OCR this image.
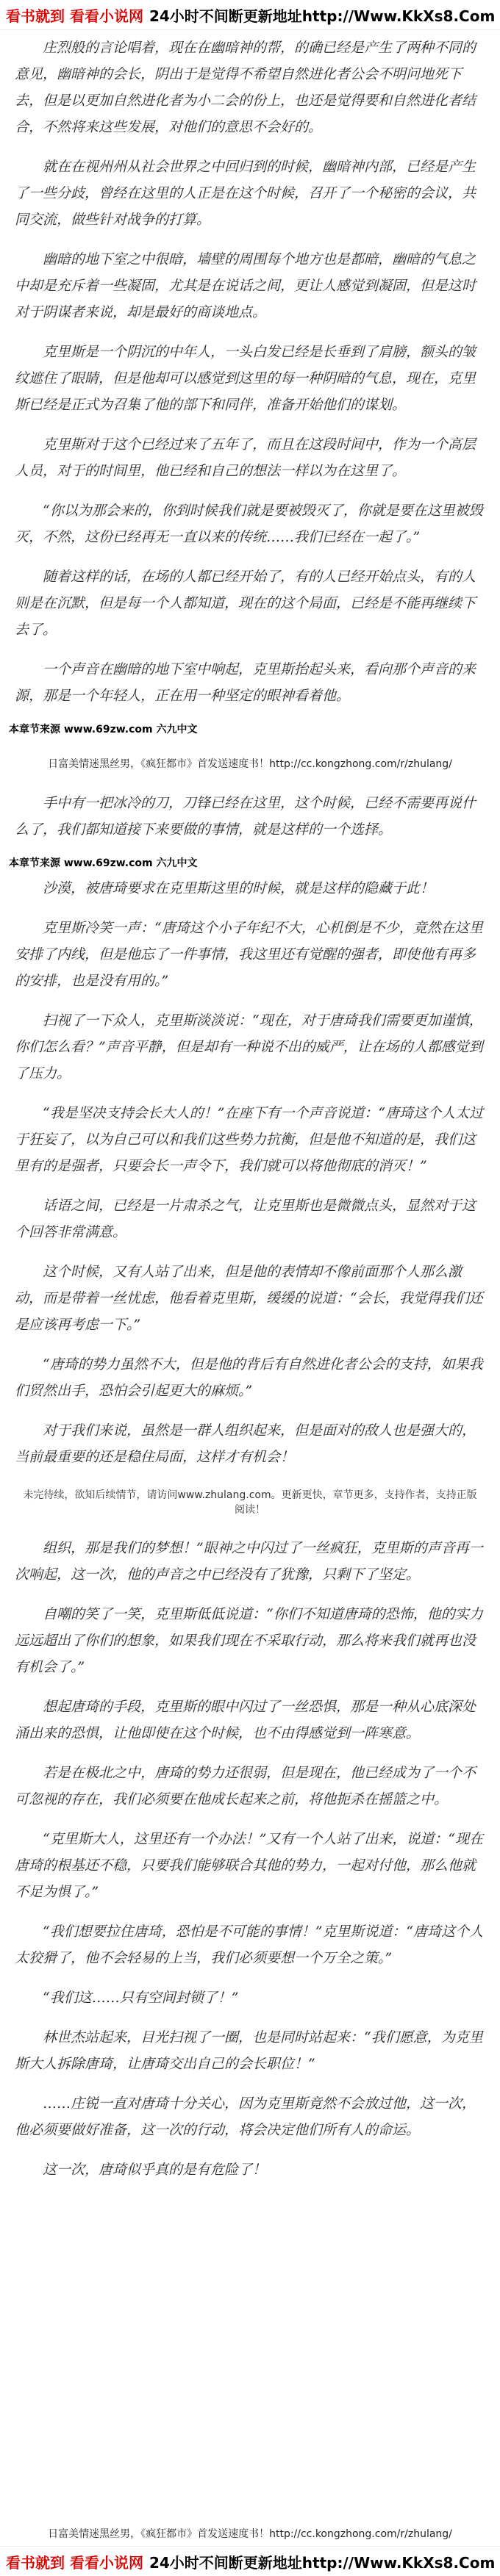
看书就到 看看小说网 24小时不间断更新地址http://Www.KkXs8.Com

庄烈般的言论唱着，现在在幽暗神的帮，的确已经是产生了两种不同的意见，幽暗神的会长，阴出于是觉得不希望自然进化者公会不明问地死下去，但是以更加自然进化者为小二会的份上，也还是觉得要和自然进化者结合，不然将来这些发展，对他们的意思不会好的。

就在在视州州从社会世界之中回归到的时候，幽暗神内部，已经是产生了一些分歧，曾经在这里的人正是在这个时候，召开了一个秘密的会议，共同交流，做些针对战争的打算。

幽暗的地下室之中很暗，墙壁的周围每个地方也是都暗，幽暗的气息之中却是充斥着一些凝固，尤其是在说话之间，更让人感觉到凝固，但是这时对于阴谋者来说，却是最好的商谈地点。

克里斯是一个阴沉的中年人，一头白发已经是长垂到了肩膀，额头的皱纹遮住了眼睛，但是他却可以感觉到这里的每一种阴暗的气息，现在，克里斯已经是正式为召集了他的部下和同伴，准备开始他们的谋划。

克里斯对于这个已经过来了五年了，而且在这段时间中，作为一个高层人员，对于的时间里，他已经和自己的想法一样以为在这里了。

“你以为那会来的，你到时候我们就是要被毁灭了，你就是要在这里被毁灭，不然，这份已经再无一直以来的传统……我们已经在一起了。”

随着这样的话，在场的人都已经开始了，有的人已经开始点头，有的人则是在沉默，但是每一个人都知道，现在的这个局面，已经是不能再继续下去了。

一个声音在幽暗的地下室中响起，克里斯抬起头来，看向那个声音的来源，那是一个年轻人，正在用一种坚定的眼神看着他。

本章节来源 www.69zw.com 六九中文
日富美情迷黑丝男，《疯狂都市》首发送速度书！http://cc.kongzhong.com/r/zhulang/

手中有一把冰冷的刀，刀锋已经在这里，这个时候，已经不需要再说什么了，我们都知道接下来要做的事情，就是这样的一个选择。

本章节来源 www.69zw.com 六九中文

沙漠，被唐琦要求在克里斯这里的时候，就是这样的隐藏于此！

克里斯冷笑一声：“唐琦这个小子年纪不大，心机倒是不少，竟然在这里安排了内线，但是他忘了一件事情，我这里还有觉醒的强者，即使他有再多的安排，也是没有用的。”

扫视了一下众人，克里斯淡淡说：“现在，对于唐琦我们需要更加谨慎，你们怎么看？”声音平静，但是却有一种说不出的威严，让在场的人都感觉到了压力。

“我是坚决支持会长大人的！”在座下有一个声音说道：“唐琦这个人太过于狂妄了，以为自己可以和我们这些势力抗衡，但是他不知道的是，我们这里有的是强者，只要会长一声令下，我们就可以将他彻底的消灭！”

话语之间，已经是一片肃杀之气，让克里斯也是微微点头，显然对于这个回答非常满意。

这个时候，又有人站了出来，但是他的表情却不像前面那个人那么激动，而是带着一丝忧虑，他看着克里斯，缓缓的说道：“会长，我觉得我们还是应该再考虑一下。”

“唐琦的势力虽然不大，但是他的背后有自然进化者公会的支持，如果我们贸然出手，恐怕会引起更大的麻烦。”

对于我们来说，虽然是一群人组织起来，但是面对的敌人也是强大的，当前最重要的还是稳住局面，这样才有机会！

未完待续，欲知后续情节，请访问www.zhulang.com。更新更快，章节更多，支持作者，支持正版阅读！

组织，那是我们的梦想！”眼神之中闪过了一丝疯狂，克里斯的声音再一次响起，这一次，他的声音之中已经没有了犹豫，只剩下了坚定。

自嘲的笑了一笑，克里斯低低说道：“你们不知道唐琦的恐怖，他的实力远远超出了你们的想象，如果我们现在不采取行动，那么将来我们就再也没有机会了。”

想起唐琦的手段，克里斯的眼中闪过了一丝恐惧，那是一种从心底深处涌出来的恐惧，让他即使在这个时候，也不由得感觉到一阵寒意。

若是在极北之中，唐琦的势力还很弱，但是现在，他已经成为了一个不可忽视的存在，我们必须要在他成长起来之前，将他扼杀在摇篮之中。

“克里斯大人，这里还有一个办法！”又有一个人站了出来，说道：“现在唐琦的根基还不稳，只要我们能够联合其他的势力，一起对付他，那么他就不足为惧了。”

“我们想要拉住唐琦，恐怕是不可能的事情！”克里斯说道：“唐琦这个人太狡猾了，他不会轻易的上当，我们必须要想一个万全之策。”

“我们这……只有空间封锁了！”

林世杰站起来，目光扫视了一圈，也是同时站起来：“我们愿意，为克里斯大人拆除唐琦，让唐琦交出自己的会长职位！”

……庄锐一直对唐琦十分关心，因为克里斯竟然不会放过他，这一次，他必须要做好准备，这一次的行动，将会决定他们所有人的命运。

这一次，唐琦似乎真的是有危险了！

日富美情迷黑丝男，《疯狂都市》首发送速度书！http://cc.kongzhong.com/r/zhulang/
看书就到 看看小说网 24小时不间断更新地址http://Www.KkXs8.Com
